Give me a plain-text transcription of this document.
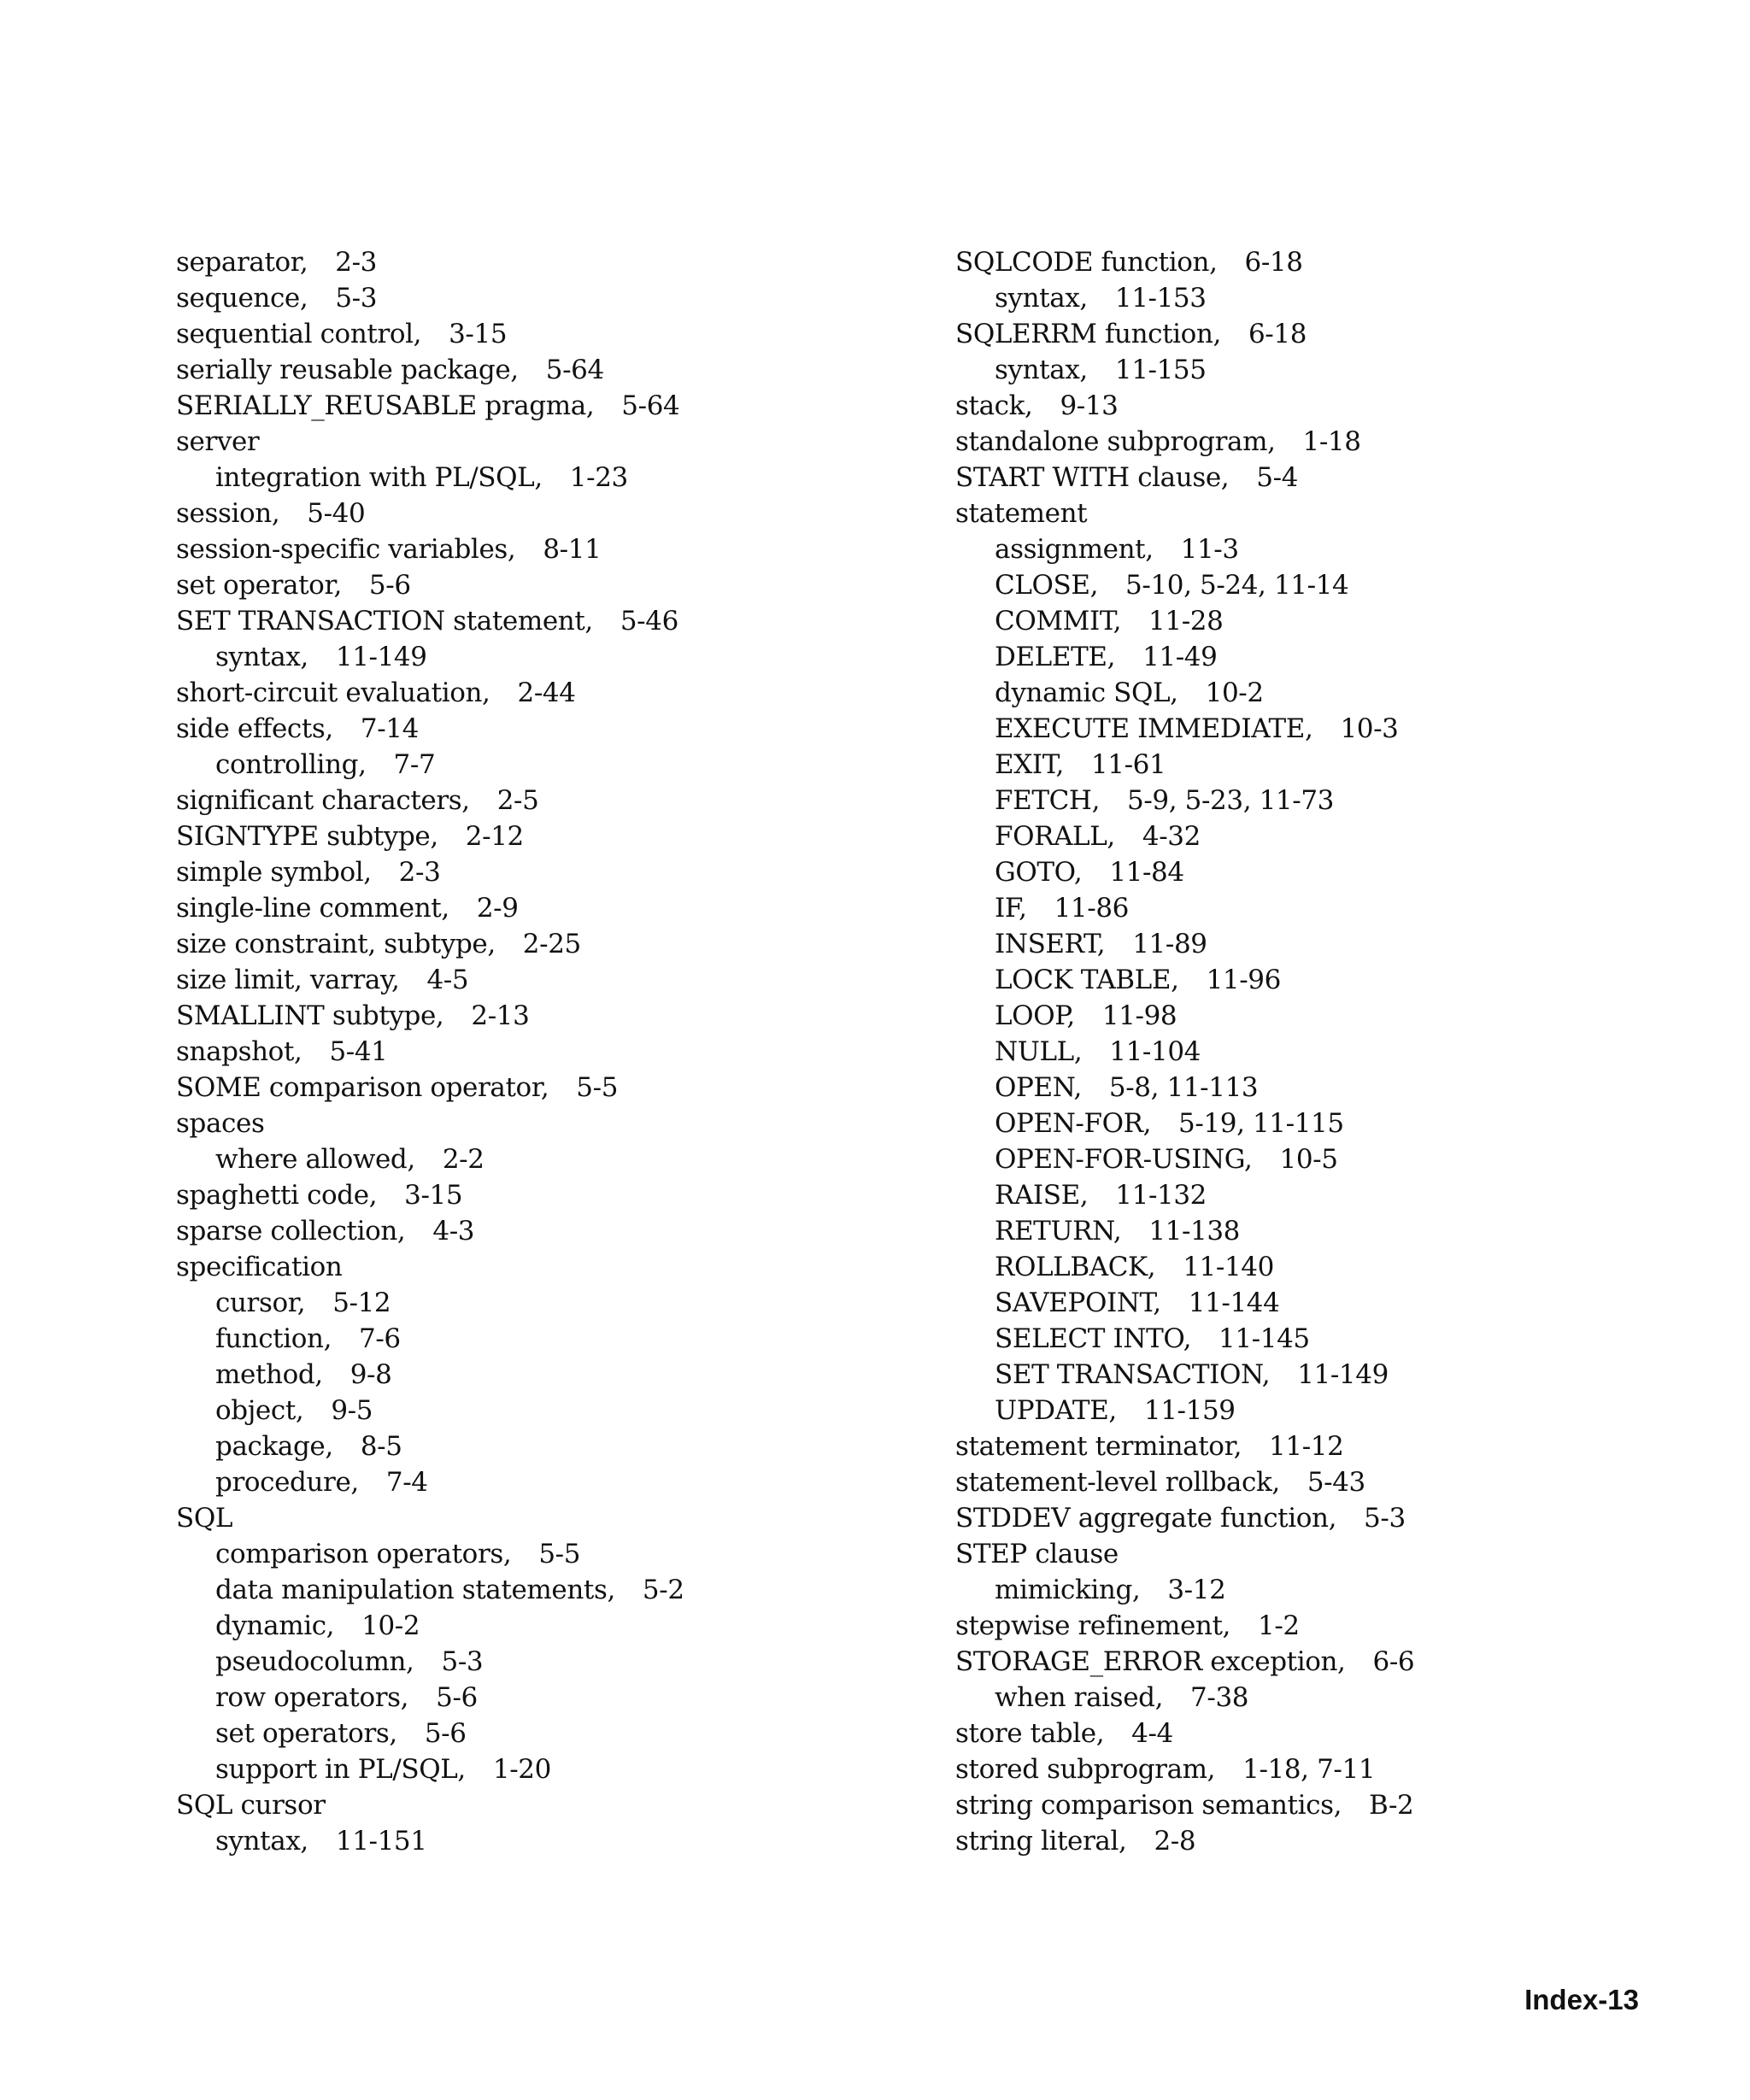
separator, 2-3
sequence, 5-3
sequential control, 3-15
serially reusable package, 5-64
SERIALLY_REUSABLE pragma, 5-64
server
integration with PL/SQL, 1-23
session, 5-40
session-specific variables, 8-11
set operator, 5-6
SET TRANSACTION statement, 5-46
syntax, 11-149
short-circuit evaluation, 2-44
side effects, 7-14
controlling, 7-7
significant characters, 2-5
SIGNTYPE subtype, 2-12
simple symbol, 2-3
single-line comment, 2-9
size constraint, subtype, 2-25
size limit, varray, 4-5
SMALLINT subtype, 2-13
snapshot, 5-41
SOME comparison operator, 5-5
spaces
where allowed, 2-2
spaghetti code, 3-15
sparse collection, 4-3
specification
cursor, 5-12
function, 7-6
method, 9-8
object, 9-5
package, 8-5
procedure, 7-4
SQL
comparison operators, 5-5
data manipulation statements, 5-2
dynamic, 10-2
pseudocolumn, 5-3
row operators, 5-6
set operators, 5-6
support in PL/SQL, 1-20
SQL cursor
syntax, 11-151
SQLCODE function, 6-18
syntax, 11-153
SQLERRM function, 6-18
syntax, 11-155
stack, 9-13
standalone subprogram, 1-18
START WITH clause, 5-4
statement
assignment, 11-3
CLOSE, 5-10, 5-24, 11-14
COMMIT, 11-28
DELETE, 11-49
dynamic SQL, 10-2
EXECUTE IMMEDIATE, 10-3
EXIT, 11-61
FETCH, 5-9, 5-23, 11-73
FORALL, 4-32
GOTO, 11-84
IF, 11-86
INSERT, 11-89
LOCK TABLE, 11-96
LOOP, 11-98
NULL, 11-104
OPEN, 5-8, 11-113
OPEN-FOR, 5-19, 11-115
OPEN-FOR-USING, 10-5
RAISE, 11-132
RETURN, 11-138
ROLLBACK, 11-140
SAVEPOINT, 11-144
SELECT INTO, 11-145
SET TRANSACTION, 11-149
UPDATE, 11-159
statement terminator, 11-12
statement-level rollback, 5-43
STDDEV aggregate function, 5-3
STEP clause
mimicking, 3-12
stepwise refinement, 1-2
STORAGE_ERROR exception, 6-6
when raised, 7-38
store table, 4-4
stored subprogram, 1-18, 7-11
string comparison semantics, B-2
string literal, 2-8
Index-13
